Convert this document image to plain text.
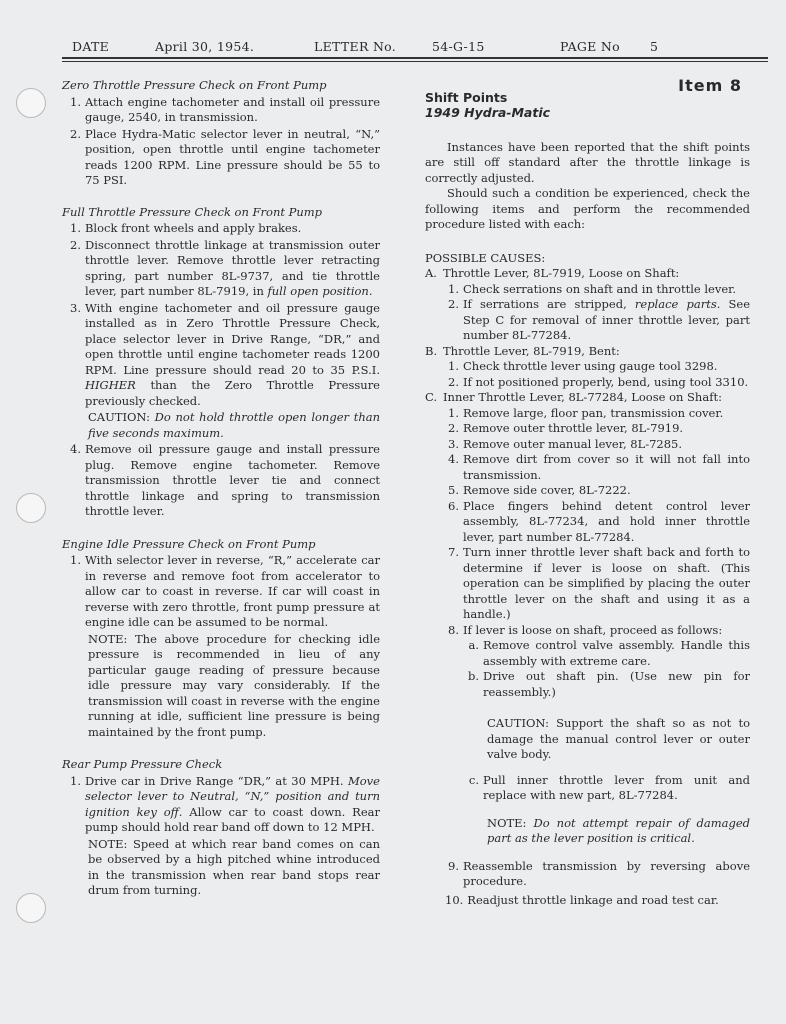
DATE	April 30, 1954.	LETTER No.	54-G-15	PAGE No 5
Zero Throttle Pressure Check on Front Pump
1. Attach engine tachometer and install oil pressure gauge, 2540, in transmission.
2. Place Hydra-Matic selector lever in neutral, “N,” position, open throttle until engine tachometer reads 1200 RPM. Line pressure should be 55 to 75 PSI.
Full Throttle Pressure Check on Front Pump
1. Block front wheels and apply brakes.
2. Disconnect throttle linkage at transmission outer throttle lever. Remove throttle lever retracting spring, part number 8L-9737, and tie throttle lever, part number 8L-7919, in full open position.
3. With engine tachometer and oil pressure gauge installed as in Zero Throttle Pressure Check, place selector lever in Drive Range, “DR,” and open throttle until engine tachometer reads 1200 RPM. Line pressure should read 20 to 35 P.S.I. HIGHER than the Zero Throttle Pressure previously checked.
CAUTION: Do not hold throttle open longer than five seconds maximum.
4. Remove oil pressure gauge and install pressure plug. Remove engine tachometer. Remove transmission throttle lever tie and connect throttle linkage and spring to transmission throttle lever.
Engine Idle Pressure Check on Front Pump
1. With selector lever in reverse, “R,” accelerate car in reverse and remove foot from accelerator to allow car to coast in reverse. If car will coast in reverse with zero throttle, front pump pressure at engine idle can be assumed to be normal.
NOTE: The above procedure for checking idle pressure is recommended in lieu of any particular gauge reading of pressure because idle pressure may vary considerably. If the transmission will coast in reverse with the engine running at idle, sufficient line pressure is being maintained by the front pump.
Rear Pump Pressure Check
1. Drive car in Drive Range “DR,” at 30 MPH. Move selector lever to Neutral, “N,” position and turn ignition key off. Allow car to coast down. Rear pump should hold rear band off down to 12 MPH.
NOTE: Speed at which rear band comes on can be observed by a high pitched whine introduced in the transmission when rear band stops rear drum from turning.
Item 8
Shift Points
1949 Hydra-Matic
Instances have been reported that the shift points are still off standard after the throttle linkage is correctly adjusted.
Should such a condition be experienced, check the following items and perform the recommended procedure listed with each:
POSSIBLE CAUSES:
A. Throttle Lever, 8L-7919, Loose on Shaft:
1. Check serrations on shaft and in throttle lever.
2. If serrations are stripped, replace parts. See Step C for removal of inner throttle lever, part number 8L-77284.
B. Throttle Lever, 8L-7919, Bent:
1. Check throttle lever using gauge tool 3298.
2. If not positioned properly, bend, using tool 3310.
C. Inner Throttle Lever, 8L-77284, Loose on Shaft:
1. Remove large, floor pan, transmission cover.
2. Remove outer throttle lever, 8L-7919.
3. Remove outer manual lever, 8L-7285.
4. Remove dirt from cover so it will not fall into transmission.
5. Remove side cover, 8L-7222.
6. Place fingers behind detent control lever assembly, 8L-77234, and hold inner throttle lever, part number 8L-77284.
7. Turn inner throttle lever shaft back and forth to determine if lever is loose on shaft. (This operation can be simplified by placing the outer throttle lever on the shaft and using it as a handle.)
8. If lever is loose on shaft, proceed as follows:
a. Remove control valve assembly. Handle this assembly with extreme care.
b. Drive out shaft pin. (Use new pin for reassembly.)
CAUTION: Support the shaft so as not to damage the manual control lever or outer valve body.
c. Pull inner throttle lever from unit and replace with new part, 8L-77284.
NOTE: Do not attempt repair of damaged part as the lever position is critical.
9. Reassemble transmission by reversing above procedure.
10. Readjust throttle linkage and road test car.
